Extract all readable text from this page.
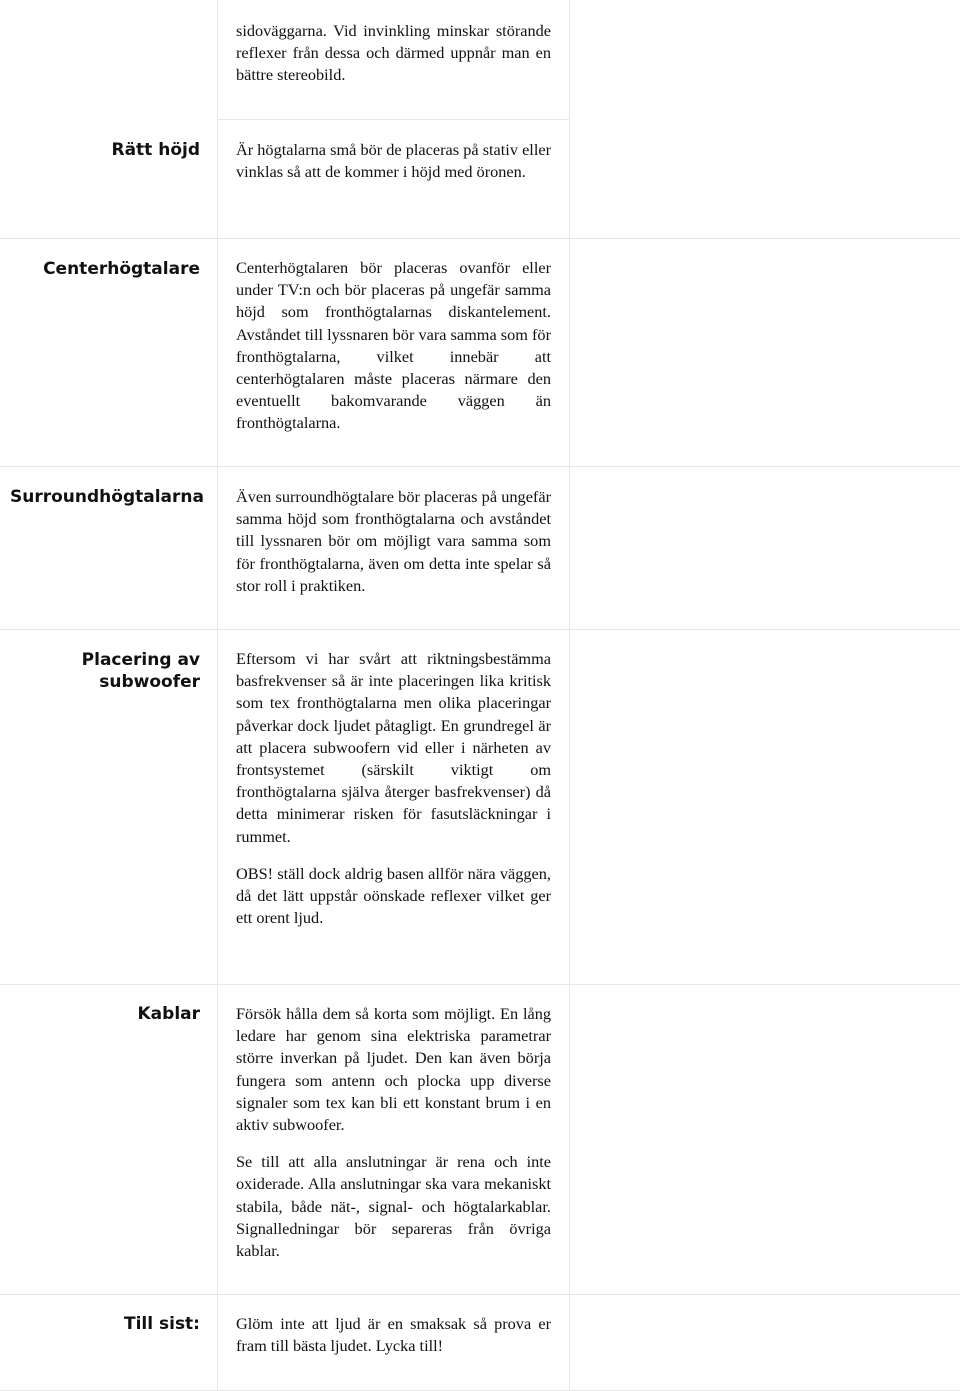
sidoväggarna. Vid invinkling minskar störande reflexer från dessa och därmed uppnår man en bättre stereobild.

Rätt höjd Är högtalarna små bör de placeras på stativ eller vinklas så att de kommer i höjd med öronen.

Centerhögtalare Centerhögtalaren bör placeras ovanför eller under TV:n och bör placeras på ungefär samma höjd som fronthögtalarnas diskantelement. Avståndet till lyssnaren bör vara samma som för fronthögtalarna, vilket innebär att centerhögtalaren måste placeras närmare den eventuellt bakomvarande väggen än fronthögtalarna.

Surroundhögtalarna Även surroundhögtalare bör placeras på ungefär samma höjd som fronthögtalarna och avståndet till lyssnaren bör om möjligt vara samma som för fronthögtalarna, även om detta inte spelar så stor roll i praktiken.

Placering av subwoofer

Eftersom vi har svårt att riktningsbestämma basfrekvenser så är inte placeringen lika kritisk som tex fronthögtalarna men olika placeringar påverkar dock ljudet påtagligt. En grundregel är att placera subwoofern vid eller i närheten av frontsystemet (särskilt viktigt om fronthögtalarna själva återger basfrekvenser) då detta minimerar risken för fasutsläckningar i rummet.

OBS! ställ dock aldrig basen allför nära väggen, då det lätt uppstår oönskade reflexer vilket ger ett orent ljud.

Kablar Försök hålla dem så korta som möjligt. En lång ledare har genom sina elektriska parametrar större inverkan på ljudet. Den kan även börja fungera som antenn och plocka upp diverse signaler som tex kan bli ett konstant brum i en aktiv subwoofer.

Se till att alla anslutningar är rena och inte oxiderade. Alla anslutningar ska vara mekaniskt stabila, både nät-, signal- och högtalarkablar. Signalledningar bör separeras från övriga kablar.

Till sist: Glöm inte att ljud är en smaksak så prova er fram till bästa ljudet. Lycka till!
